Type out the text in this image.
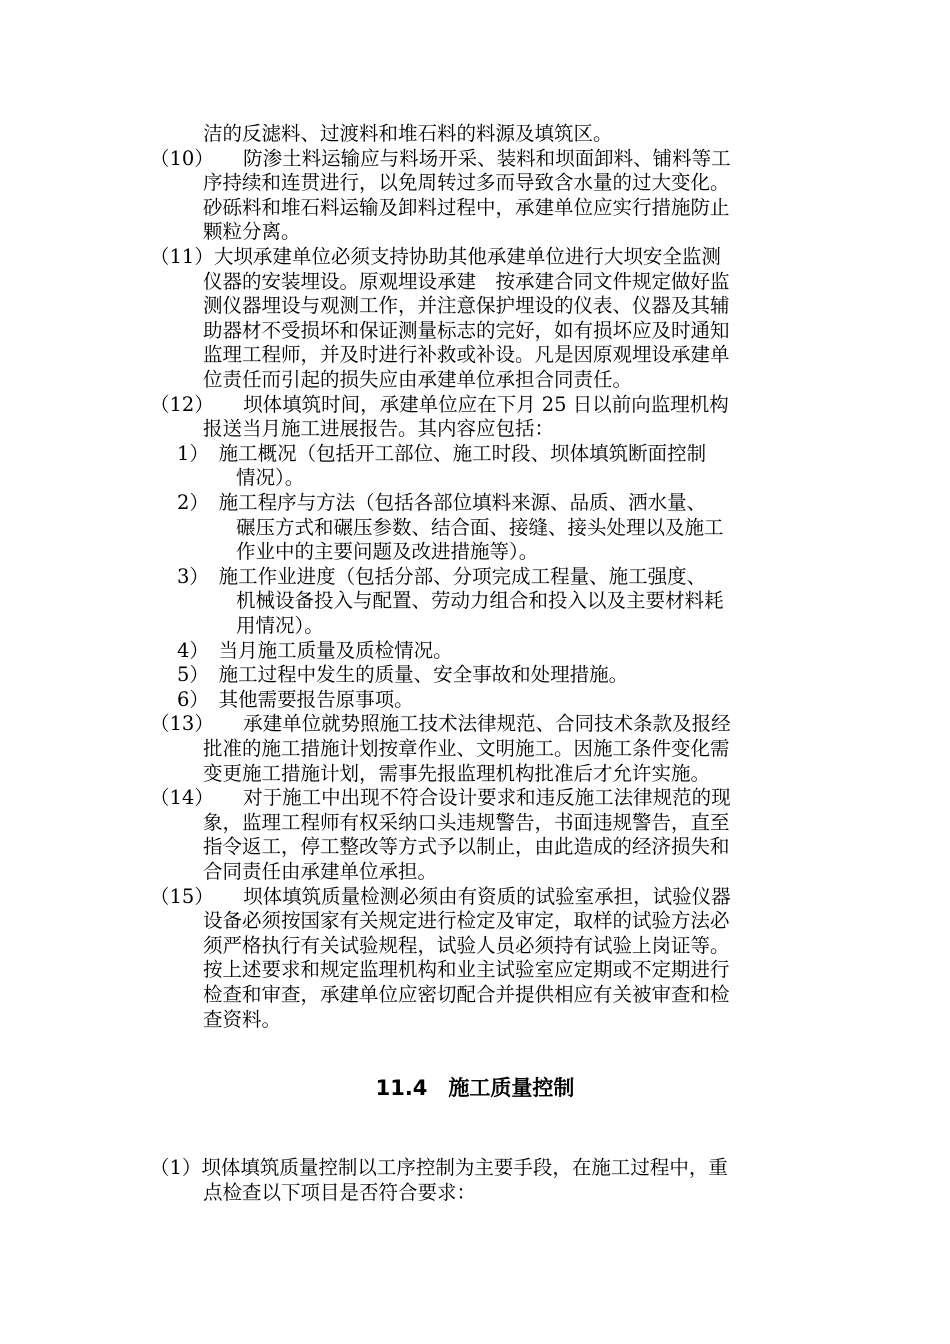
洁的反滤料、过渡料和堆石料的料源及填筑区。
（10）　　防渗土料运输应与料场开采、装料和坝面卸料、铺料等工
序持续和连贯进行，以免周转过多而导致含水量的过大变化。
砂砾料和堆石料运输及卸料过程中，承建单位应实行措施防止
颗粒分离。
（11）大坝承建单位必须支持协助其他承建单位进行大坝安全监测
仪器的安装埋设。原观埋设承建　按承建合同文件规定做好监
测仪器埋设与观测工作，并注意保护埋设的仪表、仪器及其辅
助器材不受损坏和保证测量标志的完好，如有损坏应及时通知
监理工程师，并及时进行补救或补设。凡是因原观埋设承建单
位责任而引起的损失应由承建单位承担合同责任。
（12）　　坝体填筑时间，承建单位应在下月 25 日以前向监理机构
报送当月施工进展报告。其内容应包括：
1）　施工概况（包括开工部位、施工时段、坝体填筑断面控制
情况）。
2）　施工程序与方法（包括各部位填料来源、品质、洒水量、
碾压方式和碾压参数、结合面、接缝、接头处理以及施工
作业中的主要问题及改进措施等）。
3）　施工作业进度（包括分部、分项完成工程量、施工强度、
机械设备投入与配置、劳动力组合和投入以及主要材料耗
用情况）。
4）　当月施工质量及质检情况。
5）　施工过程中发生的质量、安全事故和处理措施。
6）　其他需要报告原事项。
（13）　　承建单位就势照施工技术法律规范、合同技术条款及报经
批准的施工措施计划按章作业、文明施工。因施工条件变化需
变更施工措施计划，需事先报监理机构批准后才允许实施。
（14）　　对于施工中出现不符合设计要求和违反施工法律规范的现
象，监理工程师有权采纳口头违规警告，书面违规警告，直至
指令返工，停工整改等方式予以制止，由此造成的经济损失和
合同责任由承建单位承担。
（15）　　坝体填筑质量检测必须由有资质的试验室承担，试验仪器
设备必须按国家有关规定进行检定及审定，取样的试验方法必
须严格执行有关试验规程，试验人员必须持有试验上岗证等。
按上述要求和规定监理机构和业主试验室应定期或不定期进行
检查和审查，承建单位应密切配合并提供相应有关被审查和检
查资料。
11.4　施工质量控制
（1）坝体填筑质量控制以工序控制为主要手段，在施工过程中，重
点检查以下项目是否符合要求：
